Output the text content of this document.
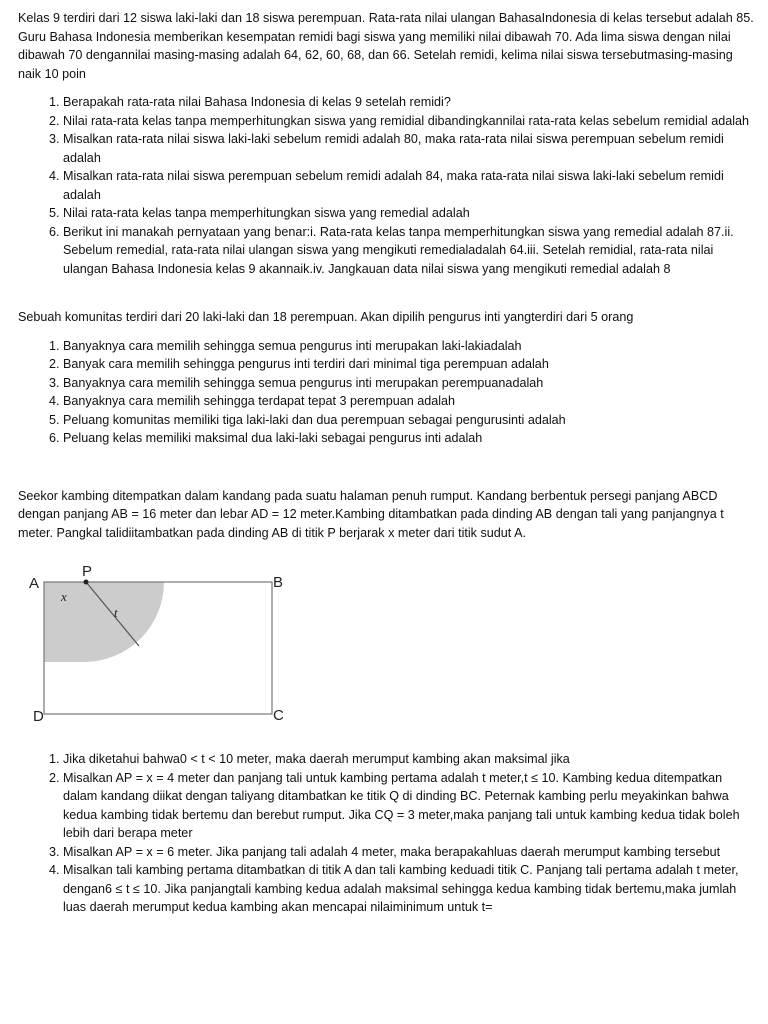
Kelas 9 terdiri dari 12 siswa laki-laki dan 18 siswa perempuan. Rata-rata nilai ulangan BahasaIndonesia di kelas tersebut adalah 85. Guru Bahasa Indonesia memberikan kesempatan remidi bagi siswa yang memiliki nilai dibawah 70. Ada lima siswa dengan nilai dibawah 70 dengannilai masing-masing adalah 64, 62, 60, 68, dan 66. Setelah remidi, kelima nilai siswa tersebutmasing-masing naik 10 poin

1. Berapakah rata-rata nilai Bahasa Indonesia di kelas 9 setelah remidi?
2. Nilai rata-rata kelas tanpa memperhitungkan siswa yang remidial dibandingkannilai rata-rata kelas sebelum remidial adalah
3. Misalkan rata-rata nilai siswa laki-laki sebelum remidi adalah 80, maka rata-rata nilai siswa perempuan sebelum remidi adalah
4. Misalkan rata-rata nilai siswa perempuan sebelum remidi adalah 84, maka rata-rata nilai siswa laki-laki sebelum remidi adalah
5. Nilai rata-rata kelas tanpa memperhitungkan siswa yang remedial adalah
6. Berikut ini manakah pernyataan yang benar:i. Rata-rata kelas tanpa memperhitungkan siswa yang remedial adalah 87.ii. Sebelum remedial, rata-rata nilai ulangan siswa yang mengikuti remedialadalah 64.iii. Setelah remidial, rata-rata nilai ulangan Bahasa Indonesia kelas 9 akannaik.iv. Jangkauan data nilai siswa yang mengikuti remedial adalah 8

Sebuah komunitas terdiri dari 20 laki-laki dan 18 perempuan. Akan dipilih pengurus inti yangterdiri dari 5 orang

1. Banyaknya cara memilih sehingga semua pengurus inti merupakan laki-lakiadalah
2. Banyak cara memilih sehingga pengurus inti terdiri dari minimal tiga perempuan adalah
3. Banyaknya cara memilih sehingga semua pengurus inti merupakan perempuanadalah
4. Banyaknya cara memilih sehingga terdapat tepat 3 perempuan adalah
5. Peluang komunitas memiliki tiga laki-laki dan dua perempuan sebagai pengurusinti adalah
6. Peluang kelas memiliki maksimal dua laki-laki sebagai pengurus inti adalah

Seekor kambing ditempatkan dalam kandang pada suatu halaman penuh rumput. Kandang berbentuk persegi panjang ABCD dengan panjang AB = 16 meter dan lebar AD = 12 meter.Kambing ditambatkan pada dinding AB dengan tali yang panjangnya t meter. Pangkal talidiitambatkan pada dinding AB di titik P berjarak x meter dari titik sudut A.

A
P
B
D	C
x
t
1. Jika diketahui bahwa0 < t < 10 meter, maka daerah merumput kambing akan maksimal jika
2. Misalkan AP = x = 4 meter dan panjang tali untuk kambing pertama adalah t meter,t ≤ 10. Kambing kedua ditempatkan dalam kandang diikat dengan taliyang ditambatkan ke titik Q di dinding BC. Peternak kambing perlu meyakinkan bahwa kedua kambing tidak bertemu dan berebut rumput. Jika CQ = 3 meter,maka panjang tali untuk kambing kedua tidak boleh lebih dari berapa meter
3. Misalkan AP = x = 6 meter. Jika panjang tali adalah 4 meter, maka berapakahluas daerah merumput kambing tersebut
4. Misalkan tali kambing pertama ditambatkan di titik A dan tali kambing keduadi titik C. Panjang tali pertama adalah t meter, dengan6 ≤ t ≤ 10. Jika panjangtali kambing kedua adalah maksimal sehingga kedua kambing tidak bertemu,maka jumlah luas daerah merumput kedua kambing akan mencapai nilaiminimum untuk t=
